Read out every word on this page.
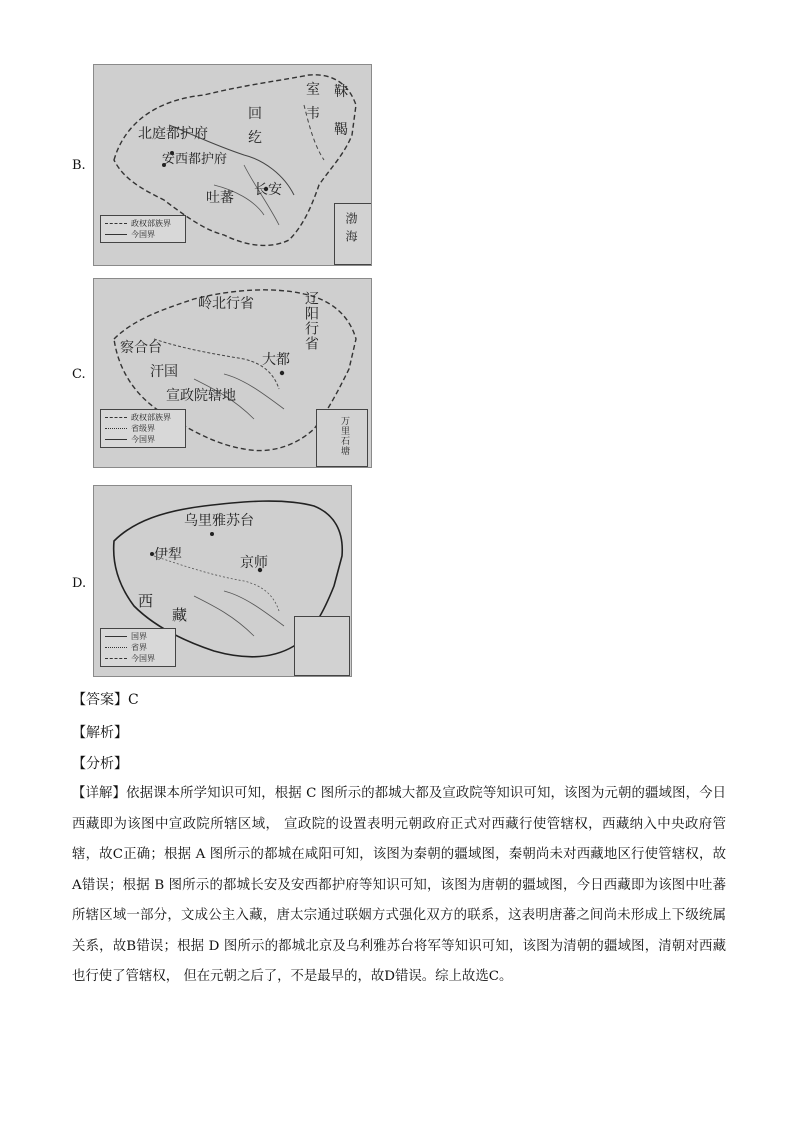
B.
北庭都护府
安西都护府
回
纥
室
韦
靺
鞨
吐蕃 长安
政权部族界
今国界	渤 海
C.
岭北行省	辽阳行省
察合台
汗国
大都
宣政院辖地
政权部族界
省级界
今国界	万里石塘
D.
乌里雅苏台
伊犁	京师
西
藏
国界
省界
今国界
【答案】C
【解析】
【分析】
【详解】依据课本所学知识可知，根据 C 图所示的都城大都及宣政院等知识可知，该图为元朝的疆域图，今日西藏即为该图中宣政院所辖区域， 宣政院的设置表明元朝政府正式对西藏行使管辖权，西藏纳入中央政府管辖，故C正确；根据 A 图所示的都城在咸阳可知，该图为秦朝的疆域图，秦朝尚未对西藏地区行使管辖权，故A错误；根据 B 图所示的都城长安及安西都护府等知识可知，该图为唐朝的疆域图，今日西藏即为该图中吐蕃所辖区域一部分，文成公主入藏，唐太宗通过联姻方式强化双方的联系，这表明唐蕃之间尚未形成上下级统属关系，故B错误；根据 D 图所示的都城北京及乌利雅苏台将军等知识可知，该图为清朝的疆域图，清朝对西藏也行使了管辖权， 但在元朝之后了，不是最早的，故D错误。综上故选C。
